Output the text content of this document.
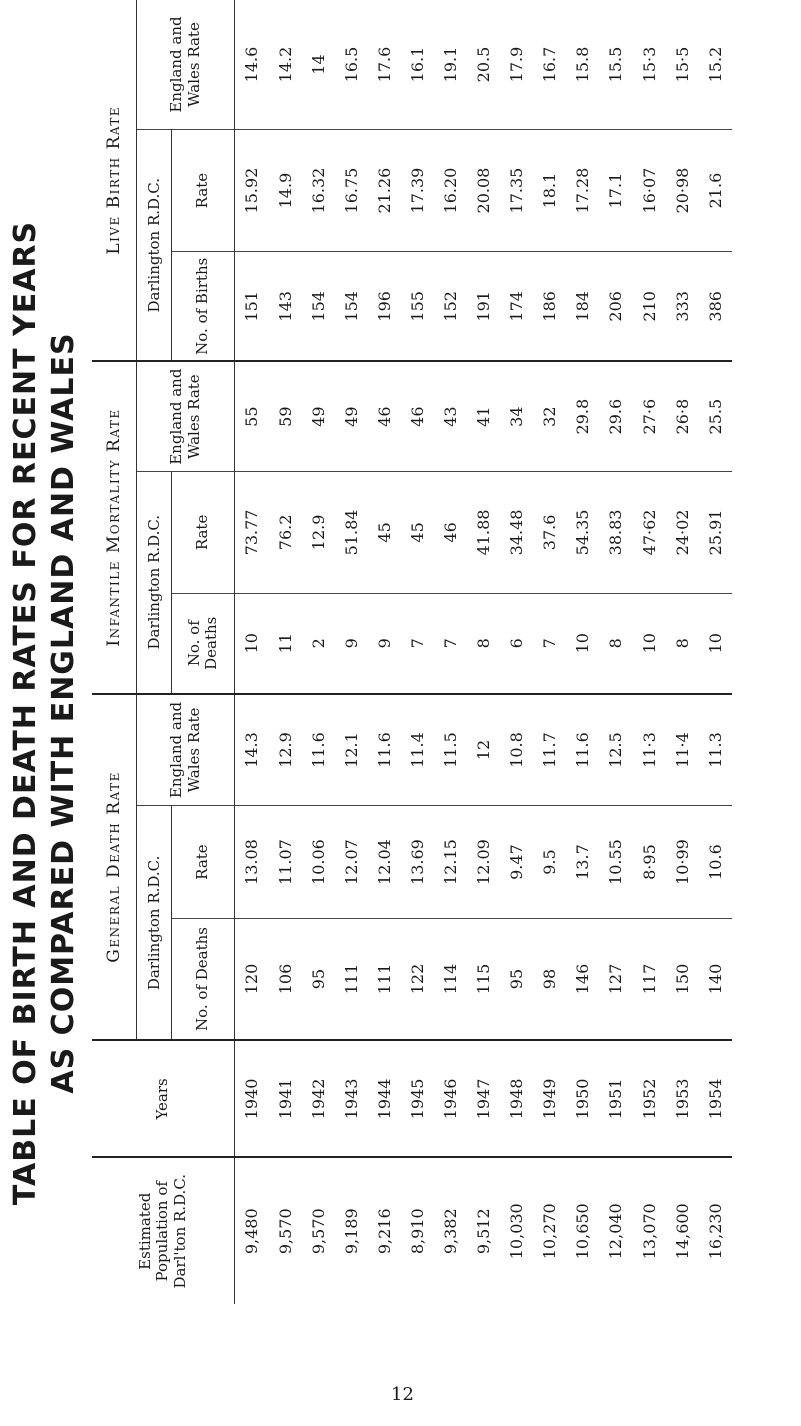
TABLE OF BIRTH AND DEATH RATES FOR RECENT YEARS AS COMPARED WITH ENGLAND AND WALES
Estimated Population of Darl'ton R.D.C.	Years	General Death Rate			Infantile Mortality Rate			Live Birth Rate		
		Darlington R.D.C.		England and Wales Rate	Darlington R.D.C.		England and Wales Rate	Darlington R.D.C.		England and Wales Rate
		No. of Deaths	Rate		No. of Deaths	Rate		No. of Births	Rate	
9,480	1940	120	13.08	14.3	10	73.77	55	151	15.92	14.6
9,570	1941	106	11.07	12.9	11	76.2	59	143	14.9	14.2
9,570	1942	95	10.06	11.6	2	12.9	49	154	16.32	14
9,189	1943	111	12.07	12.1	9	51.84	49	154	16.75	16.5
9,216	1944	111	12.04	11.6	9	45	46	196	21.26	17.6
8,910	1945	122	13.69	11.4	7	45	46	155	17.39	16.1
9,382	1946	114	12.15	11.5	7	46	43	152	16.20	19.1
9,512	1947	115	12.09	12	8	41.88	41	191	20.08	20.5
10,030	1948	95	9.47	10.8	6	34.48	34	174	17.35	17.9
10,270	1949	98	9.5	11.7	7	37.6	32	186	18.1	16.7
10,650	1950	146	13.7	11.6	10	54.35	29.8	184	17.28	15.8
12,040	1951	127	10.55	12.5	8	38.83	29.6	206	17.1	15.5
13,070	1952	117	8·95	11·3	10	47·62	27·6	210	16·07	15·3
14,600	1953	150	10·99	11·4	8	24·02	26·8	333	20·98	15·5
16,230	1954	140	10.6	11.3	10	25.91	25.5	386	21.6	15.2
12
